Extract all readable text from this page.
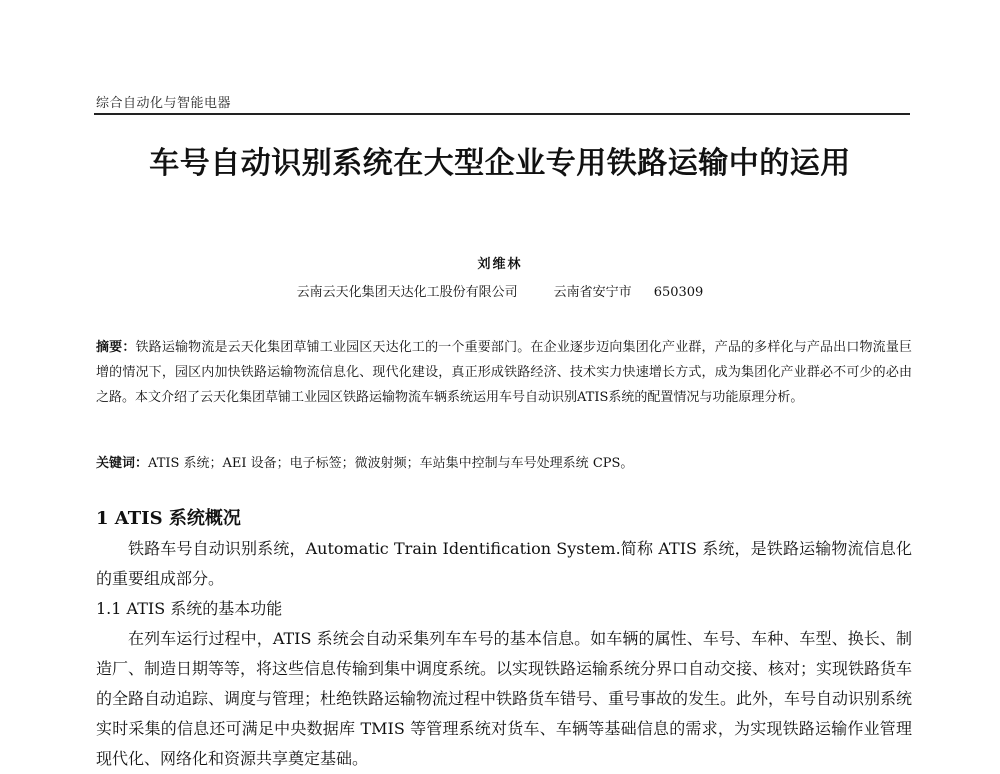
综合自动化与智能电器
车号自动识别系统在大型企业专用铁路运输中的运用
刘维林
云南云天化集团天达化工股份有限公司	云南省安宁市 650309
摘要：铁路运输物流是云天化集团草铺工业园区天达化工的一个重要部门。在企业逐步迈向集团化产业群，产品的多样化与产品出口物流量巨增的情况下，园区内加快铁路运输物流信息化、现代化建设，真正形成铁路经济、技术实力快速增长方式，成为集团化产业群必不可少的必由之路。本文介绍了云天化集团草铺工业园区铁路运输物流车辆系统运用车号自动识别ATIS系统的配置情况与功能原理分析。
关键词：ATIS 系统；AEI 设备；电子标签；微波射频；车站集中控制与车号处理系统 CPS。
1 ATIS 系统概况
铁路车号自动识别系统，Automatic Train Identification System.简称 ATIS 系统，是铁路运输物流信息化的重要组成部分。
1.1 ATIS 系统的基本功能
在列车运行过程中，ATIS 系统会自动采集列车车号的基本信息。如车辆的属性、车号、车种、车型、换长、制造厂、制造日期等等，将这些信息传输到集中调度系统。以实现铁路运输系统分界口自动交接、核对；实现铁路货车的全路自动追踪、调度与管理；杜绝铁路运输物流过程中铁路货车错号、重号事故的发生。此外，车号自动识别系统实时采集的信息还可满足中央数据库 TMIS 等管理系统对货车、车辆等基础信息的需求，为实现铁路运输作业管理现代化、网络化和资源共享奠定基础。
